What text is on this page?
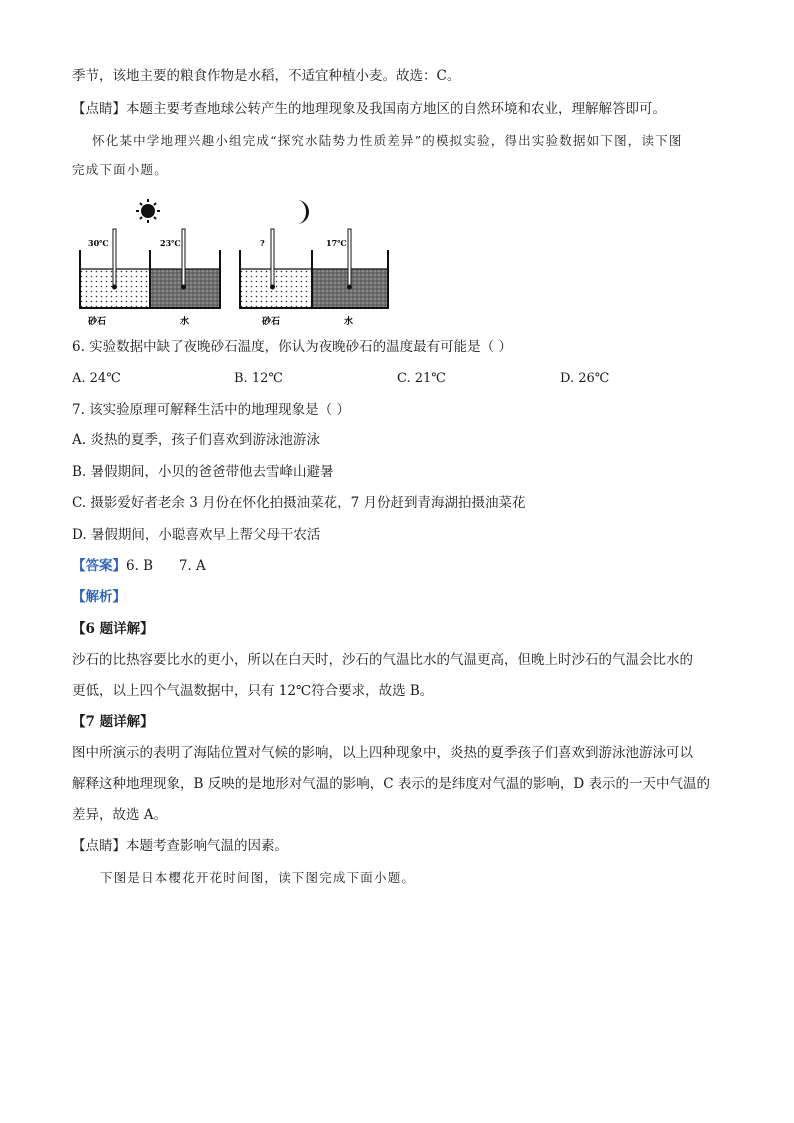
季节，该地主要的粮食作物是水稻，不适宜种植小麦。故选：C。
【点睛】本题主要考查地球公转产生的地理现象及我国南方地区的自然环境和农业，理解解答即可。
怀化某中学地理兴趣小组完成“探究水陆势力性质差异”的模拟实验，得出实验数据如下图，读下图
完成下面小题。
30℃	23℃
砂石	水
?	17℃
砂石	水
6. 实验数据中缺了夜晚砂石温度，你认为夜晚砂石的温度最有可能是（ ）
A. 24℃	B. 12℃	C. 21℃	D. 26℃
7. 该实验原理可解释生活中的地理现象是（ ）
A. 炎热的夏季，孩子们喜欢到游泳池游泳
B. 暑假期间，小贝的爸爸带他去雪峰山避暑
C. 摄影爱好者老余 3 月份在怀化拍摄油菜花，7 月份赶到青海湖拍摄油菜花
D. 暑假期间，小聪喜欢早上帮父母干农活
【答案】6. B      7. A
【解析】
【6 题详解】
沙石的比热容要比水的更小，所以在白天时，沙石的气温比水的气温更高，但晚上时沙石的气温会比水的
更低，以上四个气温数据中，只有 12℃符合要求，故选 B。
【7 题详解】
图中所演示的表明了海陆位置对气候的影响，以上四种现象中，炎热的夏季孩子们喜欢到游泳池游泳可以
解释这种地理现象，B 反映的是地形对气温的影响，C 表示的是纬度对气温的影响，D 表示的一天中气温的
差异，故选 A。
【点睛】本题考查影响气温的因素。
下图是日本樱花开花时间图，读下图完成下面小题。
